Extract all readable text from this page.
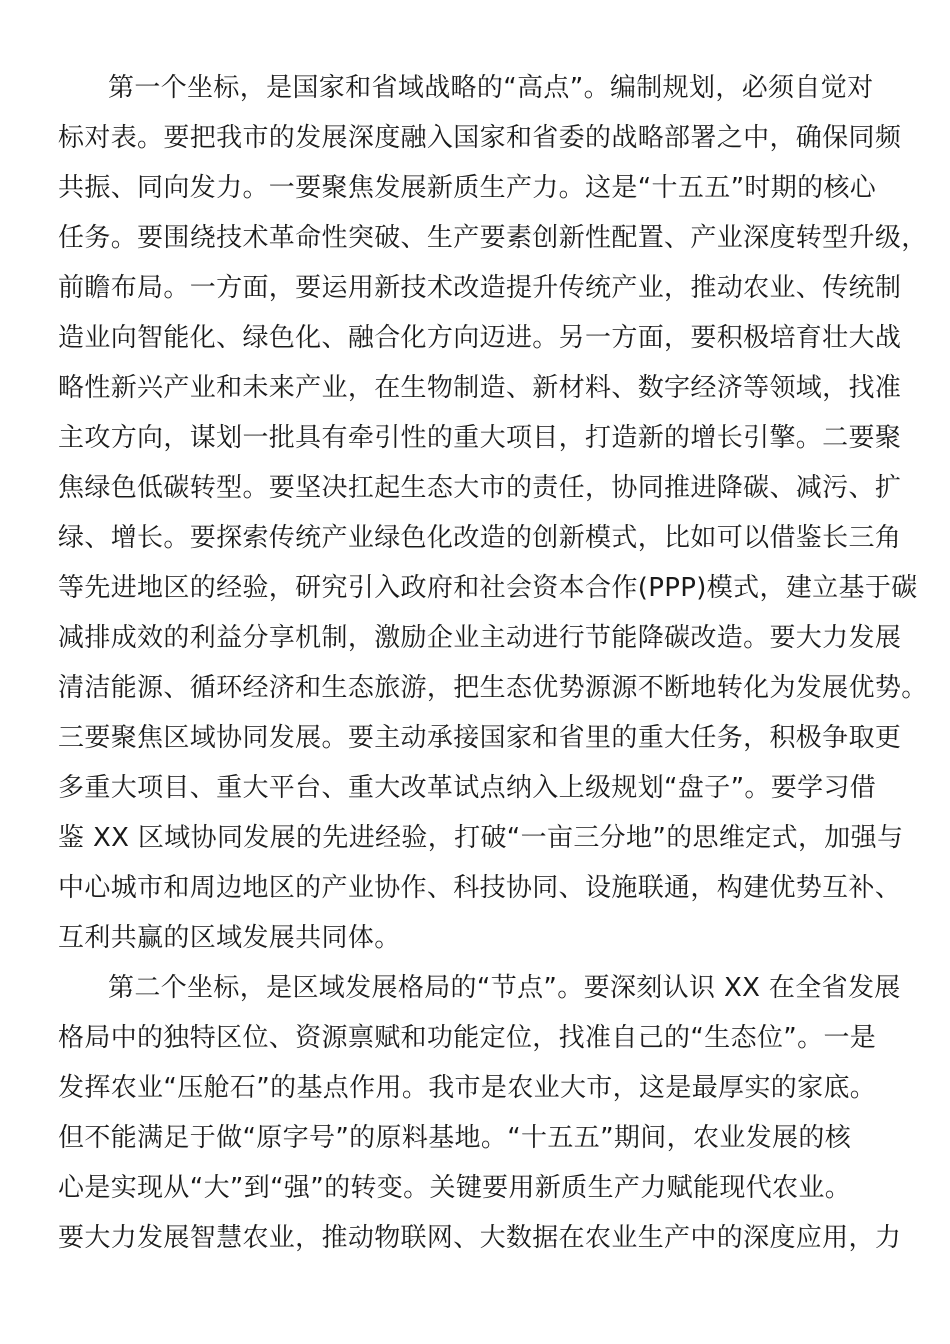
第一个坐标，是国家和省域战略的“高点”。编制规划，必须自觉对
标对表。要把我市的发展深度融入国家和省委的战略部署之中，确保同频
共振、同向发力。一要聚焦发展新质生产力。这是“十五五”时期的核心
任务。要围绕技术革命性突破、生产要素创新性配置、产业深度转型升级，
前瞻布局。一方面，要运用新技术改造提升传统产业，推动农业、传统制
造业向智能化、绿色化、融合化方向迈进。另一方面，要积极培育壮大战
略性新兴产业和未来产业，在生物制造、新材料、数字经济等领域，找准
主攻方向，谋划一批具有牵引性的重大项目，打造新的增长引擎。二要聚
焦绿色低碳转型。要坚决扛起生态大市的责任，协同推进降碳、减污、扩
绿、增长。要探索传统产业绿色化改造的创新模式，比如可以借鉴长三角
等先进地区的经验，研究引入政府和社会资本合作(PPP)模式，建立基于碳
减排成效的利益分享机制，激励企业主动进行节能降碳改造。要大力发展
清洁能源、循环经济和生态旅游，把生态优势源源不断地转化为发展优势。
三要聚焦区域协同发展。要主动承接国家和省里的重大任务，积极争取更
多重大项目、重大平台、重大改革试点纳入上级规划“盘子”。要学习借
鉴 XX 区域协同发展的先进经验，打破“一亩三分地”的思维定式，加强与
中心城市和周边地区的产业协作、科技协同、设施联通，构建优势互补、
互利共赢的区域发展共同体。
第二个坐标，是区域发展格局的“节点”。要深刻认识 XX 在全省发展
格局中的独特区位、资源禀赋和功能定位，找准自己的“生态位”。一是
发挥农业“压舱石”的基点作用。我市是农业大市，这是最厚实的家底。
但不能满足于做“原字号”的原料基地。“十五五”期间，农业发展的核
心是实现从“大”到“强”的转变。关键要用新质生产力赋能现代农业。
要大力发展智慧农业，推动物联网、大数据在农业生产中的深度应用，力
